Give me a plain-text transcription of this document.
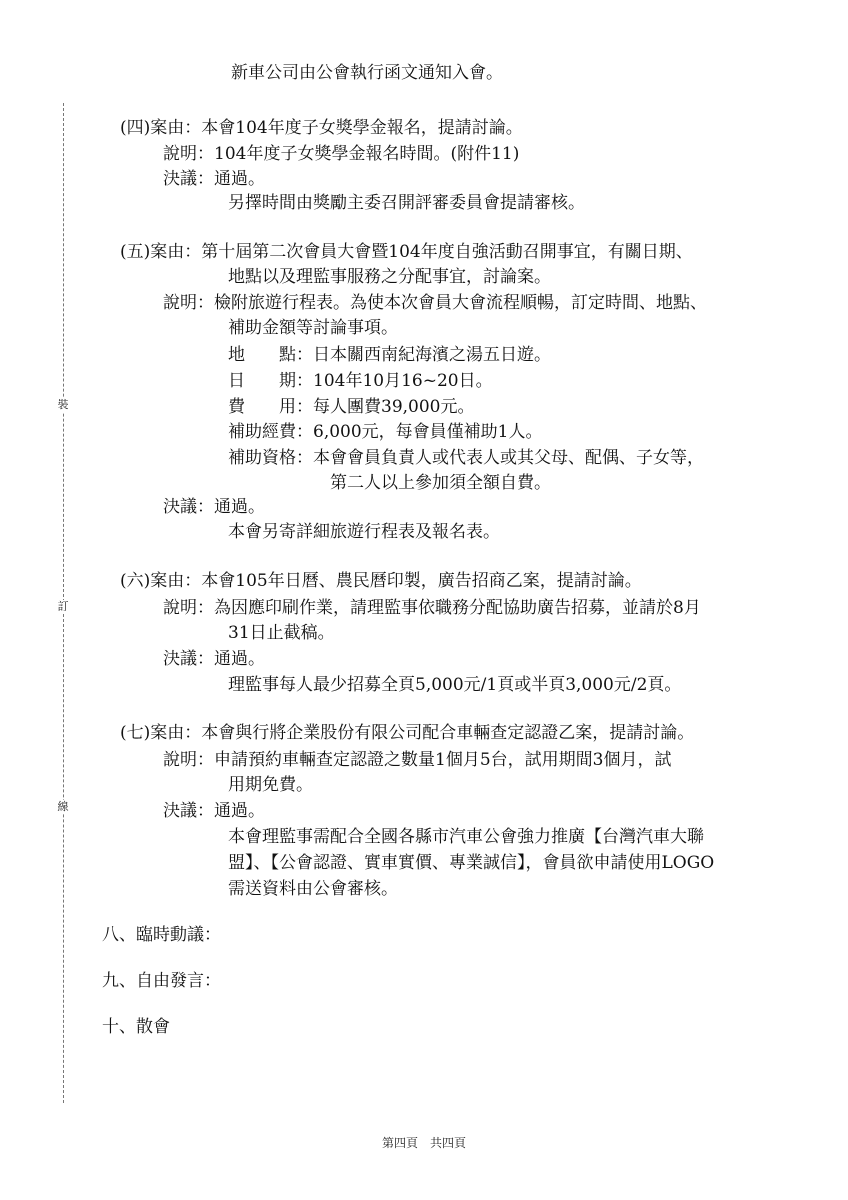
裝
訂
線
新車公司由公會執行函文通知入會。
(四)案由：本會104年度子女獎學金報名，提請討論。
說明：104年度子女獎學金報名時間。(附件11)
決議：通過。
另擇時間由獎勵主委召開評審委員會提請審核。
(五)案由：第十屆第二次會員大會暨104年度自強活動召開事宜，有關日期、
地點以及理監事服務之分配事宜，討論案。
說明：檢附旅遊行程表。為使本次會員大會流程順暢，訂定時間、地點、
補助金額等討論事項。
地　　點：日本關西南紀海濱之湯五日遊。
日　　期：104年10月16~20日。
費　　用：每人團費39,000元。
補助經費：6,000元，每會員僅補助1人。
補助資格：本會會員負責人或代表人或其父母、配偶、子女等，
第二人以上參加須全額自費。
決議：通過。
本會另寄詳細旅遊行程表及報名表。
(六)案由：本會105年日曆、農民曆印製，廣告招商乙案，提請討論。
說明：為因應印刷作業，請理監事依職務分配協助廣告招募，並請於8月
31日止截稿。
決議：通過。
理監事每人最少招募全頁5,000元/1頁或半頁3,000元/2頁。
(七)案由：本會與行將企業股份有限公司配合車輛查定認證乙案，提請討論。
說明：申請預約車輛查定認證之數量1個月5台，試用期間3個月，試
用期免費。
決議：通過。
本會理監事需配合全國各縣市汽車公會強力推廣【台灣汽車大聯
盟】、【公會認證、實車實價、專業誠信】，會員欲申請使用LOGO
需送資料由公會審核。
八、臨時動議：
九、自由發言：
十、散會
第四頁　共四頁
